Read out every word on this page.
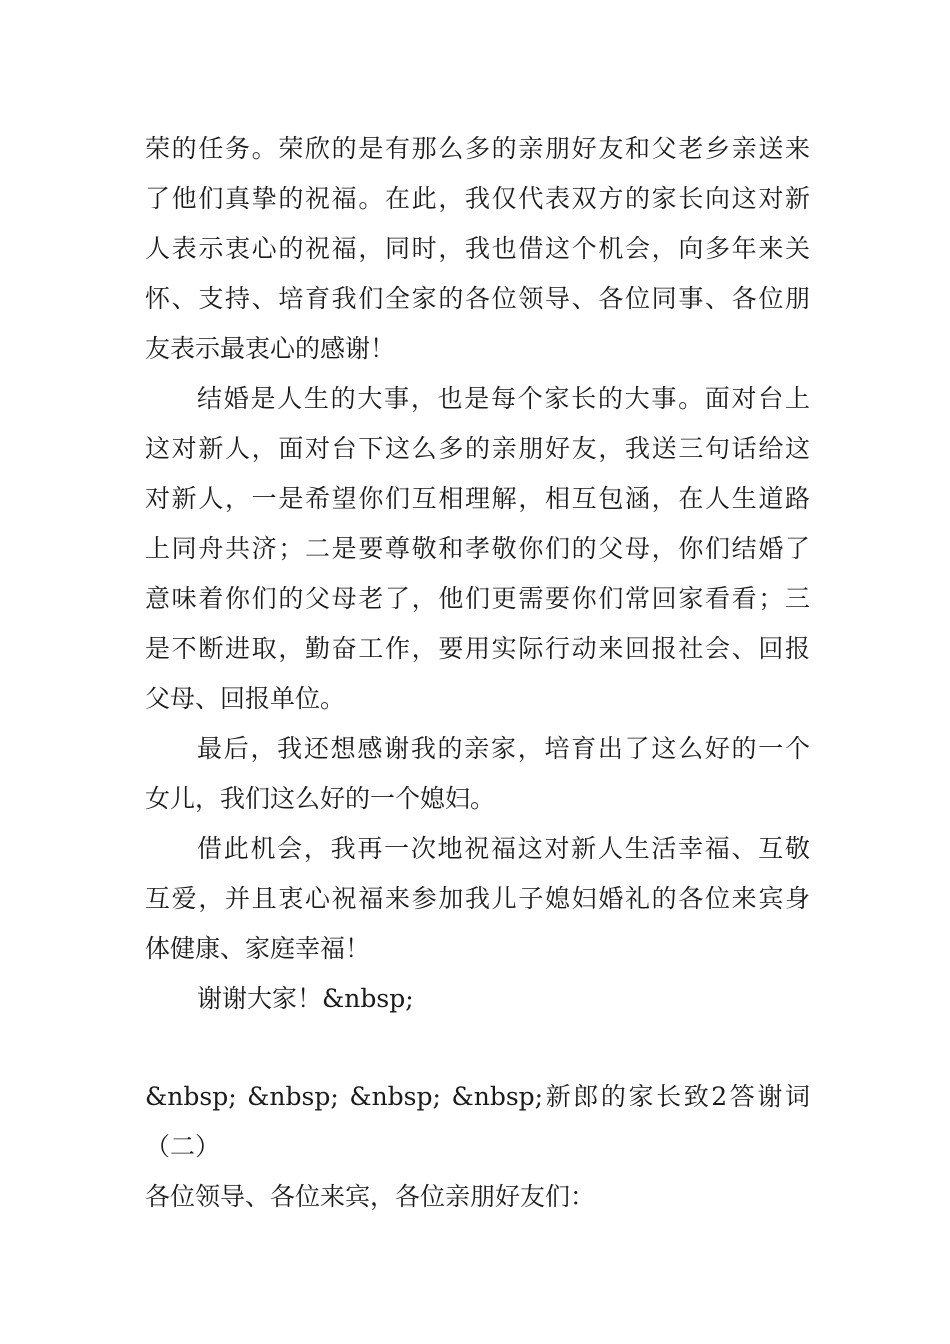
荣的任务。荣欣的是有那么多的亲朋好友和父老乡亲送来
了他们真挚的祝福。在此，我仅代表双方的家长向这对新
人表示衷心的祝福，同时，我也借这个机会，向多年来关
怀、支持、培育我们全家的各位领导、各位同事、各位朋
友表示最衷心的感谢！
结婚是人生的大事，也是每个家长的大事。面对台上
这对新人，面对台下这么多的亲朋好友，我送三句话给这
对新人，一是希望你们互相理解，相互包涵，在人生道路
上同舟共济；二是要尊敬和孝敬你们的父母，你们结婚了
意味着你们的父母老了，他们更需要你们常回家看看；三
是不断进取，勤奋工作，要用实际行动来回报社会、回报
父母、回报单位。
最后，我还想感谢我的亲家，培育出了这么好的一个
女儿，我们这么好的一个媳妇。
借此机会，我再一次地祝福这对新人生活幸福、互敬
互爱，并且衷心祝福来参加我儿子媳妇婚礼的各位来宾身
体健康、家庭幸福！
谢谢大家！&nbsp;
&nbsp; &nbsp; &nbsp; &nbsp;新郎的家长致2答谢词
（二）
各位领导、各位来宾，各位亲朋好友们：
